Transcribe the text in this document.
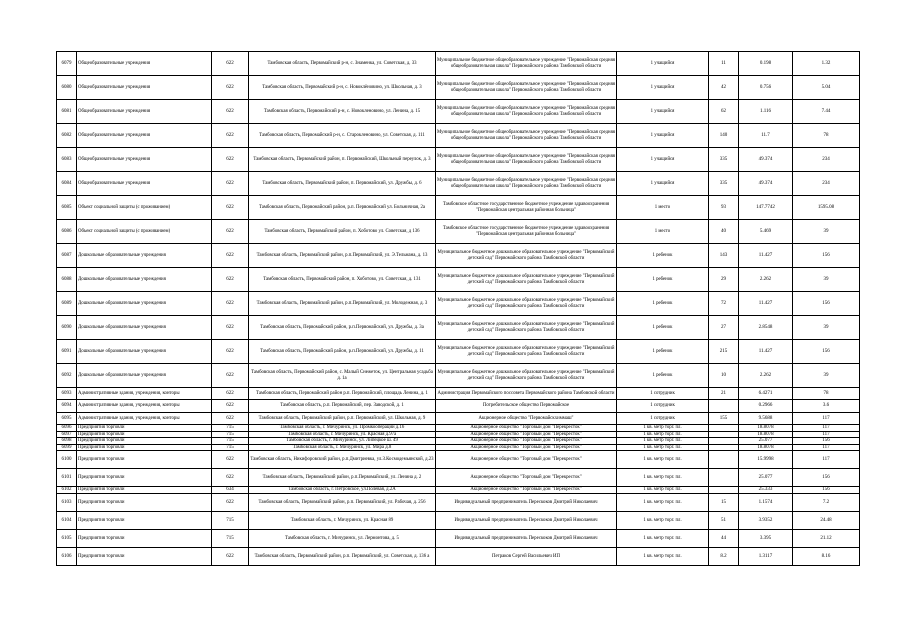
6079	Общеобразовательные учреждения	622	Тамбовская область, Первомайский р-н, с. Знаменка, ул. Советская, д. 33	Муниципальное бюджетное общеобразовательное учреждение "Первомайская средняя общеобразовательная школа" Первомайского района Тамбовской области	1 учащийся	11	0.198	1.32
6080	Общеобразовательные учреждения	622	Тамбовская область, Первомайский р-н, с. Новоклёновино, ул. Школьная, д. 3	Муниципальное бюджетное общеобразовательное учреждение "Первомайская средняя общеобразовательная школа" Первомайского района Тамбовской области	1 учащийся	42	0.756	5.04
6081	Общеобразовательные учреждения	622	Тамбовская область, Первомайский р-н, с. Новокленовино, ул. Ленина, д. 15	Муниципальное бюджетное общеобразовательное учреждение "Первомайская средняя общеобразовательная школа" Первомайского района Тамбовской области	1 учащийся	62	1.116	7.44
6082	Общеобразовательные учреждения	622	Тамбовская область, Первомайский р-н, с. Старокленовино, ул. Советская, д. 111	Муниципальное бюджетное общеобразовательное учреждение "Первомайская средняя общеобразовательная школа" Первомайского района Тамбовской области	1 учащийся	140	11.7	78
6083	Общеобразовательные учреждения	622	Тамбовская область, Первомайский район, п. Первомайский, Школьный переулок, д. 3	Муниципальное бюджетное общеобразовательное учреждение "Первомайская средняя общеобразовательная школа" Первомайского района Тамбовской области	1 учащийся	335	49.374	234
6084	Общеобразовательные учреждения	622	Тамбовская область, Первомайский район, п. Первомайский, ул. Дружбы, д. 6	Муниципальное бюджетное общеобразовательное учреждение "Первомайская средняя общеобразовательная школа" Первомайского района Тамбовской области	1 учащийся	335	49.374	234
6085	Объект социальной защиты (с проживанием)	622	Тамбовская область, Первомайский район, р.п. Первомайский ул. Больничная, 2а	Тамбовское областное государственное бюджетное учреждение здравоохранения "Первомайская центральная районная больница"	1 место	93	147.7742	1595.08
6086	Объект социальной защиты (с проживанием)	622	Тамбовская область, Первомайский район, п. Хоботово ул. Советская, д 136	Тамбовское областное государственное бюджетное учреждение здравоохранения "Первомайская центральная районная больница"	1 место	40	5.469	39
6087	Дошкольные образовательные учреждения	622	Тамбовская область, Первомайский район, р.п.Первомайский, ул. Э.Тельмана, д. 13	Муниципальное бюджетное дошкольное образовательное учреждение "Первомайский детский сад" Первомайского района Тамбовской области	1 ребенок	143	11.427	156
6088	Дошкольные образовательные учреждения	622	Тамбовская область, Первомайский район, п. Хоботово, ул. Советская, д. 131	Муниципальное бюджетное дошкольное образовательное учреждение "Первомайский детский сад" Первомайского района Тамбовской области	1 ребенок	29	2.262	39
6089	Дошкольные образовательные учреждения	622	Тамбовская область, Первомайский район, р.п.Первомайский, ул. Молодежная, д. 3	Муниципальное бюджетное дошкольное образовательное учреждение "Первомайский детский сад" Первомайского района Тамбовской области	1 ребенок	72	11.427	156
6090	Дошкольные образовательные учреждения	622	Тамбовская область, Первомайский район, р.п.Первомайский, ул. Дружбы, д. 3а	Муниципальное бюджетное дошкольное образовательное учреждение "Первомайский детский сад" Первомайского района Тамбовской области	1 ребенок	27	2.8548	39
6091	Дошкольные образовательные учреждения	622	Тамбовская область, Первомайский район, р.п.Первомайский, ул. Дружбы, д. 11	Муниципальное бюджетное дошкольное образовательное учреждение "Первомайский детский сад" Первомайского района Тамбовской области	1 ребенок	215	11.427	156
6092	Дошкольные образовательные учреждения	622	Тамбовская область, Первомайский район, с. Малый Снежеток, ул. Центральная усадьба д. 1а	Муниципальное бюджетное дошкольное образовательное учреждение "Первомайский детский сад" Первомайского района Тамбовской области	1 ребенок	10	2.262	39
6093	Административные здания, учреждения, конторы	622	Тамбовская область, Первомайский район р.п. Первомайский, площадь Ленина, д. 1	Администрация Первомайского поссовета Первомайского района Тамбовской области	1 сотрудник	21	6.4271	78
6094	Административные здания, учреждения, конторы	622	Тамбовская область, р.п. Первомайский, пер. Заводской, д. 1	Потребительское общество Первомайское	1 сотрудник		0.2966	3.6
6095	Административные здания, учреждения, конторы	622	Тамбовская область, Первомайский район, р.п. Первомайский, ул. Школьная, д. 9	Акционерное общество "Первомайскхиммаш"	1 сотрудник	155	9.5688	117
6096	Предприятия торговли	715	Тамбовская область, г. Мичуринск, ул. Промкооперации д.16	Акционерное общество "Торговый дом "Перекресток"	1 кв. метр торг. пл.		18.8078	117
6097	Предприятия торговли	715	Тамбовская область, г. Мичуринск, ул. Красная д.97а	Акционерное общество "Торговый дом "Перекресток"	1 кв. метр торг. пл.		18.8078	117
6098	Предприятия торговли	715	Тамбовская область, г. Мичуринск, ул. Липецкое ш. 49	Акционерное общество "Торговый дом "Перекресток"	1 кв. метр торг. пл.		25.077	156
6099	Предприятия торговли	715	Тамбовская область, г. Мичуринск, ул. Мира д.8	Акционерное общество "Торговый дом "Перекресток"	1 кв. метр торг. пл.		18.8078	117
6100	Предприятия торговли	622	Тамбовская область, Никифоровский район, р.п.Дмитриевка, ул.З.Космодемьянской, д.23	Акционерное общество "Торговый дом "Перекресток"	1 кв. метр торг. пл.		15.9998	117
6101	Предприятия торговли	622	Тамбовская область, Первомайский район, р.п.Первомайский, ул. Ленина д. 2	Акционерное общество "Торговый дом "Перекресток"	1 кв. метр торг. пл.		25.077	156
6102	Предприятия торговли	634	Тамбовская область, г. Петровское, ул.Полевая, д.2А	Акционерное общество "Торговый дом "Перекресток"	1 кв. метр торг. пл.		25.333	156
6103	Предприятия торговли	622	Тамбовская область, Первомайский район, р.п. Первомайский, ул. Рабочая, д. 256	Индивидуальный предприниматель Перескоков Дмитрий Николаевич	1 кв. метр торг. пл.	15	1.1574	7.2
6104	Предприятия торговли	715	Тамбовская область, г. Мичуринск, ул. Красная 89	Индивидуальный предприниматель Перескоков Дмитрий Николаевич	1 кв. метр торг. пл.	51	3.9352	24.48
6105	Предприятия торговли	715	Тамбовская область, г. Мичуринск, ул. Лермонтова, д. 5	Индивидуальный предприниматель Перескоков Дмитрий Николаевич	1 кв. метр торг. пл.	44	3.395	21.12
6106	Предприятия торговли	622	Тамбовская область, Первомайский район, р.п. Первомайский, ул. Советская, д. 136 а	Петраков Сергей Васильевич ИП	1 кв. метр торг. пл.	8.2	1.3117	8.16
